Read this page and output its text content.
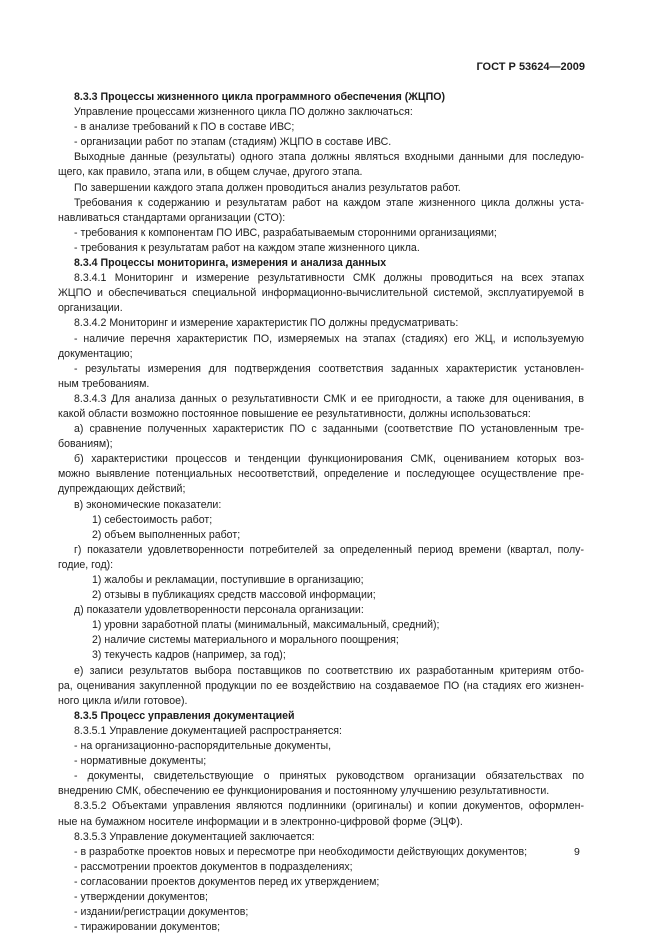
ГОСТ Р 53624—2009
8.3.3 Процессы жизненного цикла программного обеспечения (ЖЦПО)
Управление процессами жизненного цикла ПО должно заключаться:
- в анализе требований к ПО в составе ИВС;
- организации работ по этапам (стадиям) ЖЦПО в составе ИВС.
Выходные данные (результаты) одного этапа должны являться входными данными для последую-
щего, как правило, этапа или, в общем случае, другого этапа.
По завершении каждого этапа должен проводиться анализ результатов работ.
Требования к содержанию и результатам работ на каждом этапе жизненного цикла должны уста-
навливаться стандартами организации (СТО):
- требования к компонентам ПО ИВС, разрабатываемым сторонними организациями;
- требования к результатам работ на каждом этапе жизненного цикла.
8.3.4 Процессы мониторинга, измерения и анализа данных
8.3.4.1 Мониторинг и измерение результативности СМК должны проводиться на всех этапах
ЖЦПО и обеспечиваться специальной информационно-вычислительной системой, эксплуатируемой в
организации.
8.3.4.2 Мониторинг и измерение характеристик ПО должны предусматривать:
- наличие перечня характеристик ПО, измеряемых на этапах (стадиях) его ЖЦ, и используемую
документацию;
- результаты измерения для подтверждения соответствия заданных характеристик установлен-
ным требованиям.
8.3.4.3 Для анализа данных о результативности СМК и ее пригодности, а также для оценивания, в
какой области возможно постоянное повышение ее результативности, должны использоваться:
а) сравнение полученных характеристик ПО с заданными (соответствие ПО установленным тре-
бованиям);
б) характеристики процессов и тенденции функционирования СМК, оцениванием которых воз-
можно выявление потенциальных несоответствий, определение и последующее осуществление пре-
дупреждающих действий;
в) экономические показатели:
1) себестоимость работ;
2) объем выполненных работ;
г) показатели удовлетворенности потребителей за определенный период времени (квартал, полу-
годие, год):
1) жалобы и рекламации, поступившие в организацию;
2) отзывы в публикациях средств массовой информации;
д) показатели удовлетворенности персонала организации:
1) уровни заработной платы (минимальный, максимальный, средний);
2) наличие системы материального и морального поощрения;
3) текучесть кадров (например, за год);
е) записи результатов выбора поставщиков по соответствию их разработанным критериям отбо-
ра, оценивания закупленной продукции по ее воздействию на создаваемое ПО (на стадиях его жизнен-
ного цикла и/или готовое).
8.3.5 Процесс управления документацией
8.3.5.1 Управление документацией распространяется:
- на организационно-распорядительные документы,
- нормативные документы;
- документы, свидетельствующие о принятых руководством организации обязательствах по
внедрению СМК, обеспечению ее функционирования и постоянному улучшению результативности.
8.3.5.2 Объектами управления являются подлинники (оригиналы) и копии документов, оформлен-
ные на бумажном носителе информации и в электронно-цифровой форме (ЭЦФ).
8.3.5.3 Управление документацией заключается:
- в разработке проектов новых и пересмотре при необходимости действующих документов;
- рассмотрении проектов документов в подразделениях;
- согласовании проектов документов перед их утверждением;
- утверждении документов;
- издании/регистрации документов;
- тиражировании документов;
9
